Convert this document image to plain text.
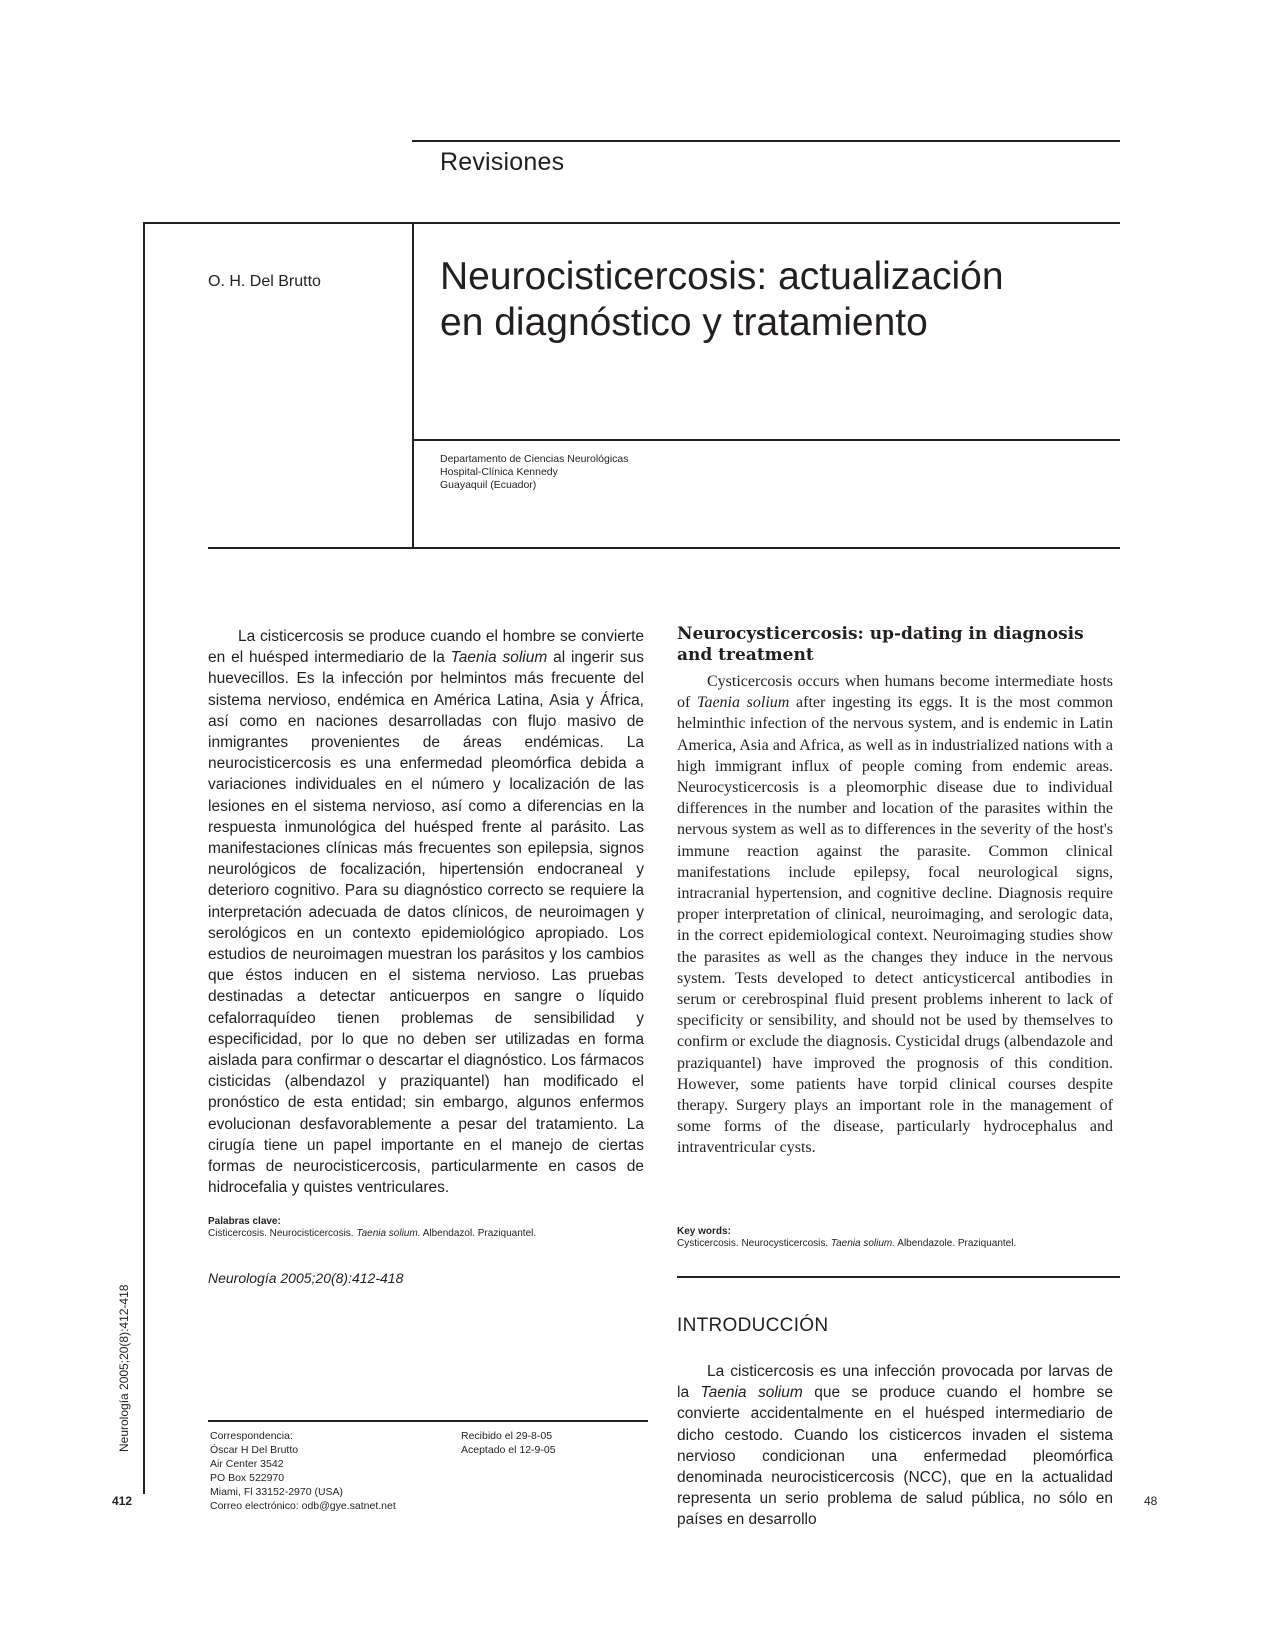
Revisiones
O. H. Del Brutto	Neurocisticercosis: actualización
en diagnóstico y tratamiento
Departamento de Ciencias Neurológicas
Hospital-Clínica Kennedy
Guayaquil (Ecuador)

La cisticercosis se produce cuando el hombre se convierte en el huésped intermediario de la Taenia solium al ingerir sus huevecillos. Es la infección por helmintos más frecuente del sistema nervioso, endémica en América Latina, Asia y África, así como en naciones desarrolladas con flujo masivo de inmigrantes provenientes de áreas endémicas. La neurocisticercosis es una enfermedad pleomórfica debida a variaciones individuales en el número y localización de las lesiones en el sistema nervioso, así como a diferencias en la respuesta inmunológica del huésped frente al parásito. Las manifestaciones clínicas más frecuentes son epilepsia, signos neurológicos de focalización, hipertensión endocraneal y deterioro cognitivo. Para su diagnóstico correcto se requiere la interpretación adecuada de datos clínicos, de neuroimagen y serológicos en un contexto epidemiológico apropiado. Los estudios de neuroimagen muestran los parásitos y los cambios que éstos inducen en el sistema nervioso. Las pruebas destinadas a detectar anticuerpos en sangre o líquido cefalorraquídeo tienen problemas de sensibilidad y especificidad, por lo que no deben ser utilizadas en forma aislada para confirmar o descartar el diagnóstico. Los fármacos cisticidas (albendazol y praziquantel) han modificado el pronóstico de esta entidad; sin embargo, algunos enfermos evolucionan desfavorablemente a pesar del tratamiento. La cirugía tiene un papel importante en el manejo de ciertas formas de neurocisticercosis, particularmente en casos de hidrocefalia y quistes ventriculares.

Neurocysticercosis: up-dating in diagnosis
and treatment

Cysticercosis occurs when humans become intermediate hosts of Taenia solium after ingesting its eggs. It is the most common helminthic infection of the nervous system, and is endemic in Latin America, Asia and Africa, as well as in industrialized nations with a high immigrant influx of people coming from endemic areas. Neurocysticercosis is a pleomorphic disease due to individual differences in the number and location of the parasites within the nervous system as well as to differences in the severity of the host's immune reaction against the parasite. Common clinical manifestations include epilepsy, focal neurological signs, intracranial hypertension, and cognitive decline. Diagnosis require proper interpretation of clinical, neuroimaging, and serologic data, in the correct epidemiological context. Neuroimaging studies show the parasites as well as the changes they induce in the nervous system. Tests developed to detect anticysticercal antibodies in serum or cerebrospinal fluid present problems inherent to lack of specificity or sensibility, and should not be used by themselves to confirm or exclude the diagnosis. Cysticidal drugs (albendazole and praziquantel) have improved the prognosis of this condition. However, some patients have torpid clinical courses despite therapy. Surgery plays an important role in the management of some forms of the disease, particularly hydrocephalus and intraventricular cysts.

Palabras clave:
Cisticercosis. Neurocisticercosis. Taenia solium. Albendazol. Praziquantel.	Key words:
Cysticercosis. Neurocysticercosis. Taenia solium. Albendazole. Praziquantel.
Neurología 2005;20(8):412-418
INTRODUCCIÓN

La cisticercosis es una infección provocada por larvas de la Taenia solium que se produce cuando el hombre se convierte accidentalmente en el huésped intermediario de dicho cestodo. Cuando los cisticercos invaden el sistema nervioso condicionan una enfermedad pleomórfica denominada neurocisticercosis (NCC), que en la actualidad representa un serio problema de salud pública, no sólo en países en desarrollo

Correspondencia:
Óscar H Del Brutto
Air Center 3542
PO Box 522970
Miami, Fl 33152-2970 (USA)
Correo electrónico: odb@gye.satnet.net
Recibido el 29-8-05
Aceptado el 12-9-05
Neurología 2005;20(8):412-418
412	48
